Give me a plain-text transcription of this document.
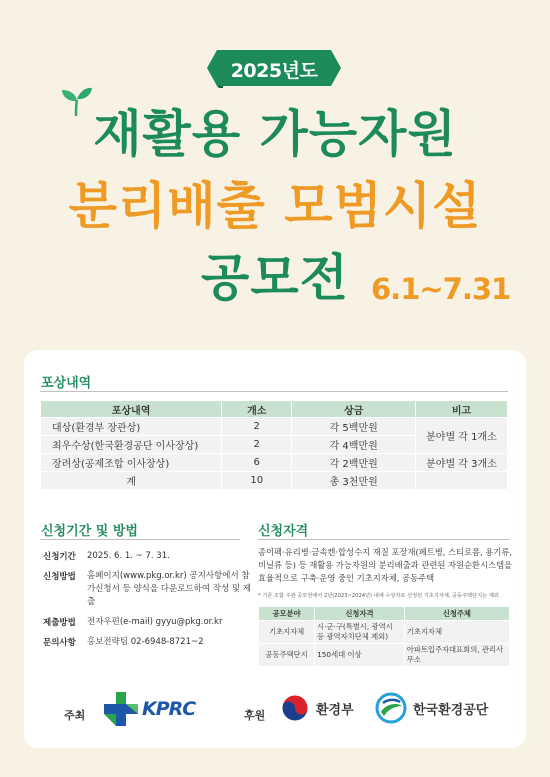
2025년도
재활용 가능자원
분리배출 모범시설
공모전 6.1~7.31
포상내역
포상내역	개소	상금	비고
대상(환경부 장관상)	2	각 5백만원	분야별 각 1개소
최우수상(한국환경공단 이사장상)	2	각 4백만원	
장려상(공제조합 이사장상)	6	각 2백만원	분야별 각 3개소
계	10	총 3천만원	
신청기간 및 방법
신청기간	2025. 6. 1. ~ 7. 31.
신청방법	홈페이지(www.pkg.or.kr) 공지사항에서 참가신청서 등 양식을 다운로드하여 작성 및 제출
제출방법	전자우편(e-mail) gyyu@pkg.or.kr
문의사항	홍보전략팀 02-6948-8721~2
신청자격
종이팩·유리병·금속캔·합성수지 재질 포장재(페트병, 스티로폼, 용기류, 비닐류 등) 등 재활용 가능자원의 분리배출과 관련된 자원순환시스템을 효율적으로 구축·운영 중인 기초지자체, 공동주택
* 기존 조합 주관 공모전에서 2년(2023~2024년) 내에 수상자로 선정된 기초지자체, 공동주택단지는 제외
공모분야	신청자격	신청주체
기초지자체	시·군·구(특별시, 광역시 등 광역자치단체 제외)	기초지자체
공동주택단지	150세대 이상	아파트입주자대표회의, 관리사무소
주최	KPRC	후원	환경부	한국환경공단
